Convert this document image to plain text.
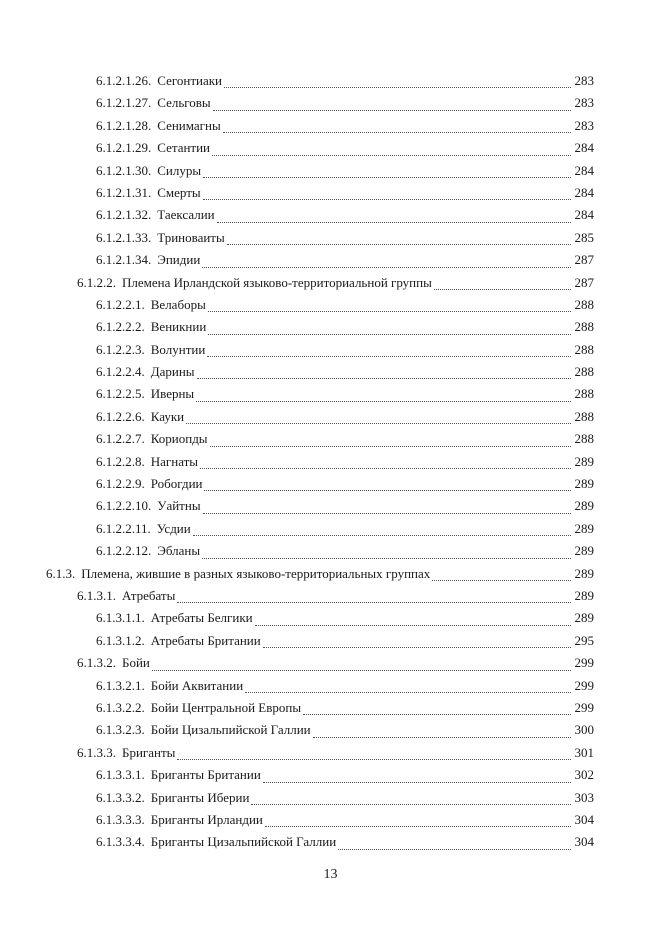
6.1.2.1.26. Сегонтиаки	283
6.1.2.1.27. Сельговы	283
6.1.2.1.28. Сенимагны	283
6.1.2.1.29. Сетантии	284
6.1.2.1.30. Силуры	284
6.1.2.1.31. Смерты	284
6.1.2.1.32. Таексалии	284
6.1.2.1.33. Триноваиты	285
6.1.2.1.34. Эпидии	287
6.1.2.2. Племена Ирландской языково-территориальной группы	287
6.1.2.2.1. Велаборы	288
6.1.2.2.2. Веникнии	288
6.1.2.2.3. Волунтии	288
6.1.2.2.4. Дарины	288
6.1.2.2.5. Иверны	288
6.1.2.2.6. Кауки	288
6.1.2.2.7. Кориопды	288
6.1.2.2.8. Нагнаты	289
6.1.2.2.9. Робогдии	289
6.1.2.2.10. Уайтны	289
6.1.2.2.11. Усдии	289
6.1.2.2.12. Эбланы	289
6.1.3. Племена, жившие в разных языково-территориальных группах	289
6.1.3.1. Атребаты	289
6.1.3.1.1. Атребаты Белгики	289
6.1.3.1.2. Атребаты Британии	295
6.1.3.2. Бойи	299
6.1.3.2.1. Бойи Аквитании	299
6.1.3.2.2. Бойи Центральной Европы	299
6.1.3.2.3. Бойи Цизальпийской Галлии	300
6.1.3.3. Бриганты	301
6.1.3.3.1. Бриганты Британии	302
6.1.3.3.2. Бриганты Иберии	303
6.1.3.3.3. Бриганты Ирландии	304
6.1.3.3.4. Бриганты Цизальпийской Галлии	304
13
